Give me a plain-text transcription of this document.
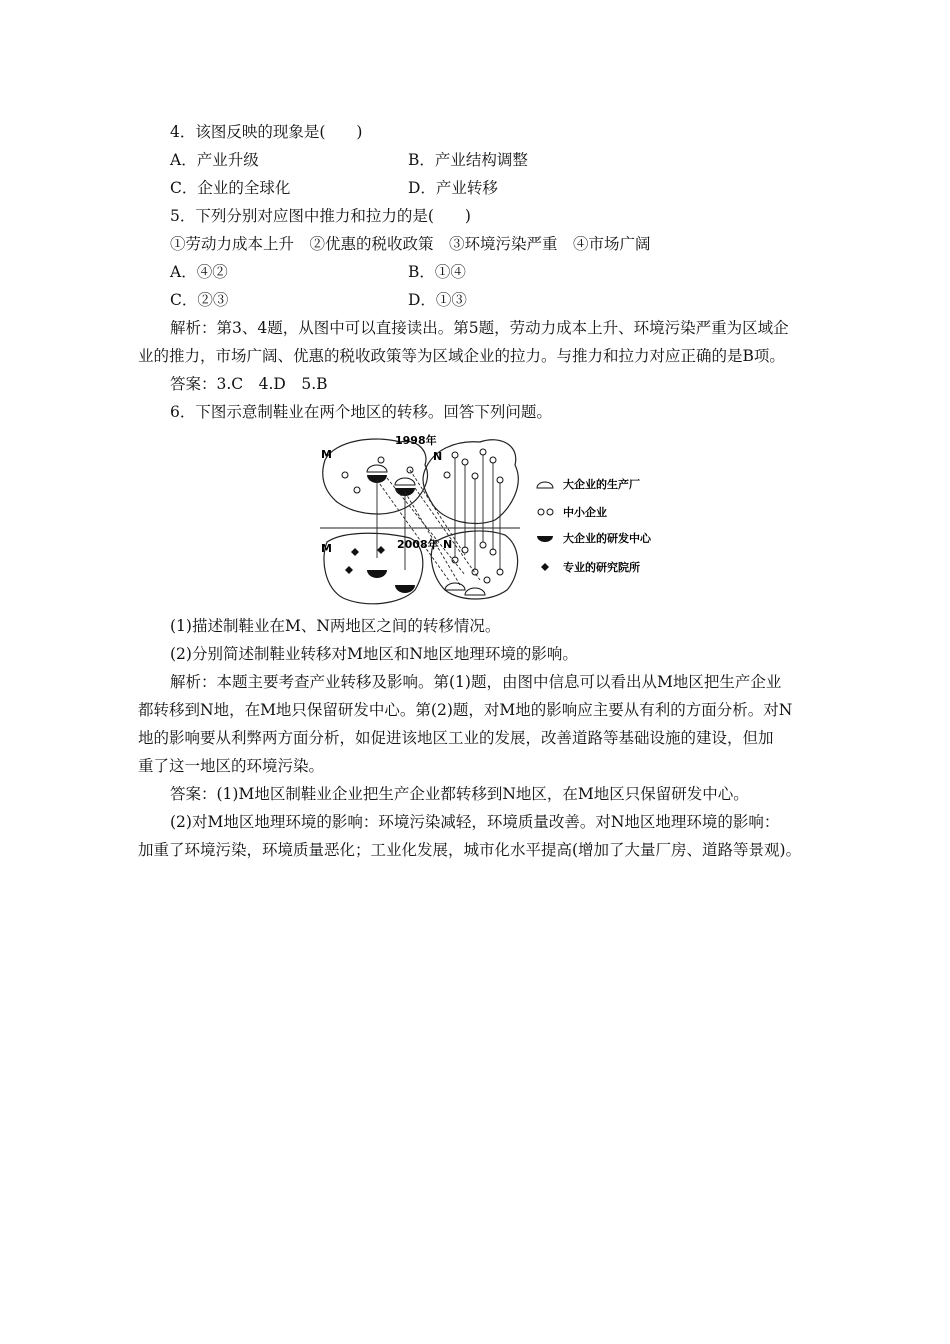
4．该图反映的现象是(　　)
A．产业升级	B．产业结构调整
C．企业的全球化	D．产业转移
5．下列分别对应图中推力和拉力的是(　　)
①劳动力成本上升　②优惠的税收政策　③环境污染严重　④市场广阔
A．④②	B．①④
C．②③	D．①③
解析：第3、4题，从图中可以直接读出。第5题，劳动力成本上升、环境污染严重为区域企
业的推力，市场广阔、优惠的税收政策等为区域企业的拉力。与推力和拉力对应正确的是B项。
答案：3.C　4.D　5.B
6．下图示意制鞋业在两个地区的转移。回答下列问题。
M
1998年
N
M	2008年 N
大企业的生产厂
中小企业
大企业的研发中心
专业的研究院所
(1)描述制鞋业在M、N两地区之间的转移情况。
(2)分别简述制鞋业转移对M地区和N地区地理环境的影响。
解析：本题主要考查产业转移及影响。第(1)题，由图中信息可以看出从M地区把生产企业
都转移到N地，在M地只保留研发中心。第(2)题，对M地的影响应主要从有利的方面分析。对N
地的影响要从利弊两方面分析，如促进该地区工业的发展，改善道路等基础设施的建设，但加
重了这一地区的环境污染。
答案：(1)M地区制鞋业企业把生产企业都转移到N地区，在M地区只保留研发中心。
(2)对M地区地理环境的影响：环境污染减轻，环境质量改善。对N地区地理环境的影响：
加重了环境污染，环境质量恶化；工业化发展，城市化水平提高(增加了大量厂房、道路等景观)。
